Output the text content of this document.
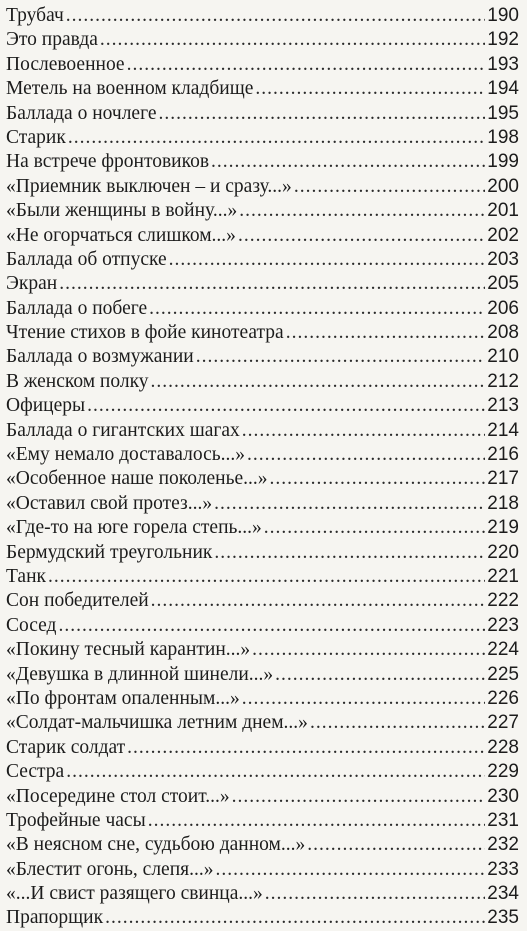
Трубач .....	190
Это правда .....	192
Послевоенное .....	193
Метель на военном кладбище .....	194
Баллада о ночлеге .....	195
Старик .....	198
На встрече фронтовиков .....	199
«Приемник выключен – и сразу...» .....	200
«Были женщины в войну...» .....	201
«Не огорчаться слишком...» .....	202
Баллада об отпуске .....	203
Экран .....	205
Баллада о побеге .....	206
Чтение стихов в фойе кинотеатра .....	208
Баллада о возмужании .....	210
В женском полку .....	212
Офицеры .....	213
Баллада о гигантских шагах .....	214
«Ему немало доставалось...» .....	216
«Особенное наше поколенье...» .....	217
«Оставил свой протез...» .....	218
«Где-то на юге горела степь...» .....	219
Бермудский треугольник .....	220
Танк .....	221
Сон победителей .....	222
Сосед .....	223
«Покину тесный карантин...» .....	224
«Девушка в длинной шинели...» .....	225
«По фронтам опаленным...» .....	226
«Солдат-мальчишка летним днем...» .....	227
Старик солдат .....	228
Сестра .....	229
«Посередине стол стоит...» .....	230
Трофейные часы .....	231
«В неясном сне, судьбою данном...» .....	232
«Блестит огонь, слепя...» .....	233
«...И свист разящего свинца...» .....	234
Прапорщик .....	235
